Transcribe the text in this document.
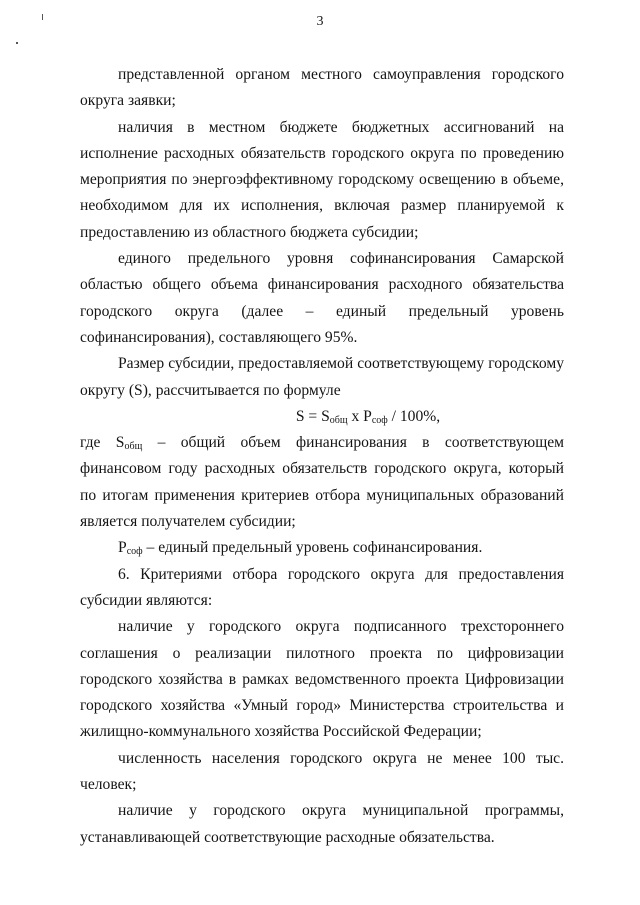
3

представленной органом местного самоуправления городского округа заявки;

наличия в местном бюджете бюджетных ассигнований на исполнение расходных обязательств городского округа по проведению мероприятия по энергоэффективному городскому освещению в объеме, необходимом для их исполнения, включая размер планируемой к предоставлению из областного бюджета субсидии;

единого предельного уровня софинансирования Самарской областью общего объема финансирования расходного обязательства городского округа (далее – единый предельный уровень софинансирования), составляющего 95%.

Размер субсидии, предоставляемой соответствующему городскому округу (S), рассчитывается по формуле

$S = S_{общ}$ x $P_{соф} / 100\%$,

где $S_{общ}$ – общий объем финансирования в соответствующем финансовом году расходных обязательств городского округа, который по итогам применения критериев отбора муниципальных образований является получателем субсидии;

$P_{соф}$ – единый предельный уровень софинансирования.

6. Критериями отбора городского округа для предоставления субсидии являются:

наличие у городского округа подписанного трехстороннего соглашения о реализации пилотного проекта по цифровизации городского хозяйства в рамках ведомственного проекта Цифровизации городского хозяйства «Умный город» Министерства строительства и жилищно-коммунального хозяйства Российской Федерации;

численность населения городского округа не менее 100 тыс. человек;

наличие у городского округа муниципальной программы, устанавливающей соответствующие расходные обязательства.
